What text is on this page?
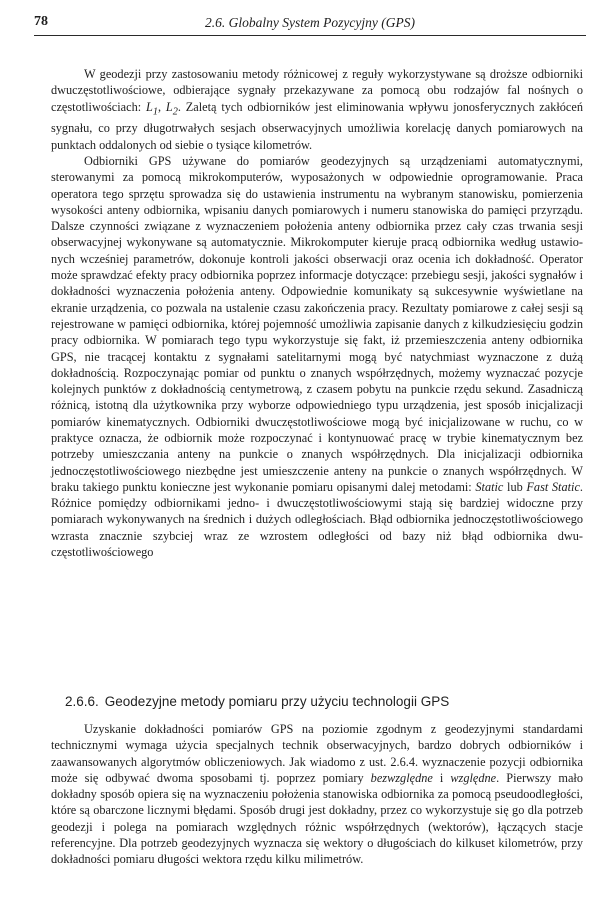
78	2.6. Globalny System Pozycyjny (GPS)

W geodezji przy zastosowaniu metody różnicowej z reguły wykorzystywane są droższe odbiorniki dwuczęstotliwościowe, odbierające sygnały przekazywane za pomocą obu rodzajów fal nośnych o częstotliwościach: $L_1$, $L_2$. Zaletą tych odbiorników jest eliminowania wpływu jonosferycznych zakłóceń sygnału, co przy długotrwałych sesjach obserwacyjnych umożliwia korelację danych pomiarowych na punktach oddalonych od siebie o tysiące kilometrów.

Odbiorniki GPS używane do pomiarów geodezyjnych są urządzeniami automatycznymi, sterowanymi za pomocą mikrokomputerów, wyposażonych w odpowiednie oprogramowanie. Praca operatora tego sprzętu sprowadza się do ustawienia instrumentu na wybranym stanowisku, pomierzenia wysokości anteny odbiornika, wpisaniu danych pomiarowych i numeru stanowiska do pamięci przyrządu. Dalsze czynności związane z wyznaczeniem położenia anteny odbiornika przez cały czas trwania sesji obserwacyjnej wykonywane są automatycznie. Mikrokomputer kieruje pracą odbiornika według ustawionych wcześniej parametrów, dokonuje kontroli jakości obserwacji oraz ocenia ich dokładność. Operator może sprawdzać efekty pracy odbiornika poprzez informacje dotyczące: przebiegu sesji, jakości sygnałów i dokładności wyznaczenia położenia anteny. Odpowiednie komunikaty są sukcesywnie wyświetlane na ekranie urządzenia, co pozwala na ustalenie czasu zakończenia pracy. Rezultaty pomiarowe z całej sesji są rejestrowane w pamięci odbiornika, której pojemność umożliwia zapisanie danych z kilkudziesięciu godzin pracy odbiornika. W pomiarach tego typu wykorzystuje się fakt, iż przemieszczenia anteny odbiornika GPS, nie tracącej kontaktu z sygnałami satelitarnymi mogą być natychmiast wyznaczone z dużą dokładnością. Rozpoczynając pomiar od punktu o znanych współrzędnych, możemy wyznaczać pozycje kolejnych punktów z dokładnością centymetrową, z czasem pobytu na punkcie rzędu sekund. Zasadniczą różnicą, istotną dla użytkownika przy wyborze odpowiedniego typu urządzenia, jest sposób inicjalizacji pomiarów kinematycznych. Odbiorniki dwuczęstotliwościowe mogą być inicjalizowane w ruchu, co w praktyce oznacza, że odbiornik może rozpoczynać i kontynuować pracę w trybie kinematycznym bez potrzeby umieszczania anteny na punkcie o znanych współrzędnych. Dla inicjalizacji odbiornika jednoczęstotliwościowego niezbędne jest umieszczenie anteny na punkcie o znanych współrzędnych. W braku takiego punktu konieczne jest wykonanie pomiaru opisanymi dalej metodami: Static lub Fast Static. Różnice pomiędzy odbiornikami jedno- i dwuczęstotliwościowymi stają się bardziej widoczne przy pomiarach wykonywanych na średnich i dużych odległościach. Błąd odbiornika jednoczęstotliwościowego wzrasta znacznie szybciej wraz ze wzrostem odległości od bazy niż błąd odbiornika dwuczęstotliwościowego

2.6.6. Geodezyjne metody pomiaru przy użyciu technologii GPS

Uzyskanie dokładności pomiarów GPS na poziomie zgodnym z geodezyjnymi standardami technicznymi wymaga użycia specjalnych technik obserwacyjnych, bardzo dobrych odbiorników i zaawansowanych algorytmów obliczeniowych. Jak wiadomo z ust. 2.6.4. wyznaczenie pozycji odbiornika może się odbywać dwoma sposobami tj. poprzez pomiary bezwzględne i względne. Pierwszy mało dokładny sposób opiera się na wyznaczeniu położenia stanowiska odbiornika za pomocą pseudoodległości, które są obarczone licznymi błędami. Sposób drugi jest dokładny, przez co wykorzystuje się go dla potrzeb geodezji i polega na pomiarach względnych różnic współrzędnych (wektorów), łączących stacje referencyjne. Dla potrzeb geodezyjnych wyznacza się wektory o długościach do kilkuset kilometrów, przy dokładności pomiaru długości wektora rzędu kilku milimetrów.
